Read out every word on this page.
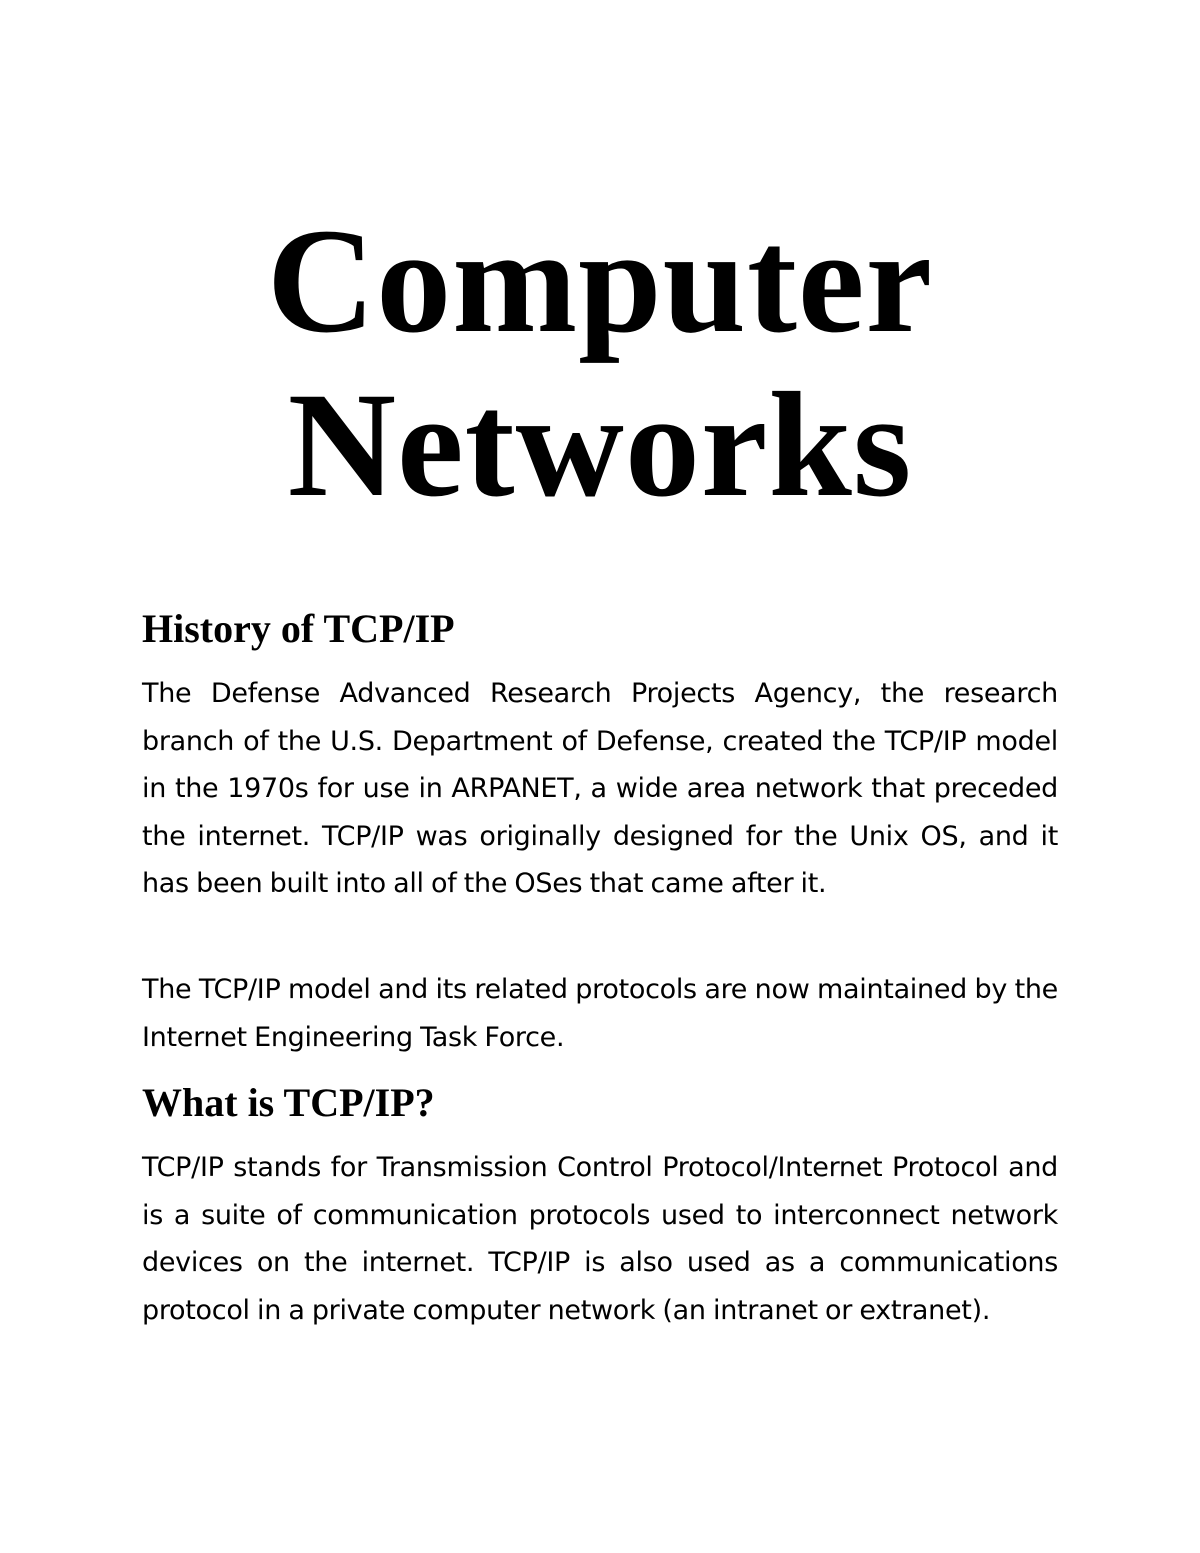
Computer
Networks
History of TCP/IP

The Defense Advanced Research Projects Agency, the research branch of the U.S. Department of Defense, created the TCP/IP model in the 1970s for use in ARPANET, a wide area network that preceded the internet. TCP/IP was originally designed for the Unix OS, and it has been built into all of the OSes that came after it.

The TCP/IP model and its related protocols are now maintained by the Internet Engineering Task Force.

What is TCP/IP?

TCP/IP stands for Transmission Control Protocol/Internet Protocol and is a suite of communication protocols used to interconnect network devices on the internet. TCP/IP is also used as a communications protocol in a private computer network (an intranet or extranet).
